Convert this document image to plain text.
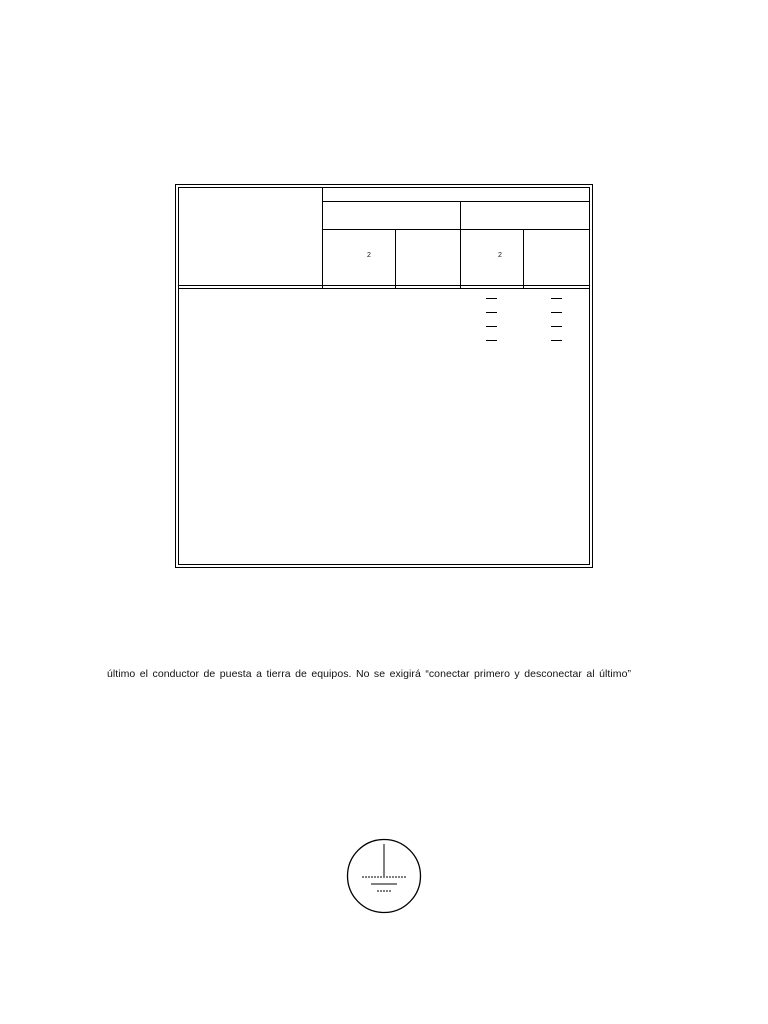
2	2
último el conductor de puesta a tierra de equipos. No se exigirá “conectar primero y desconectar al último”
